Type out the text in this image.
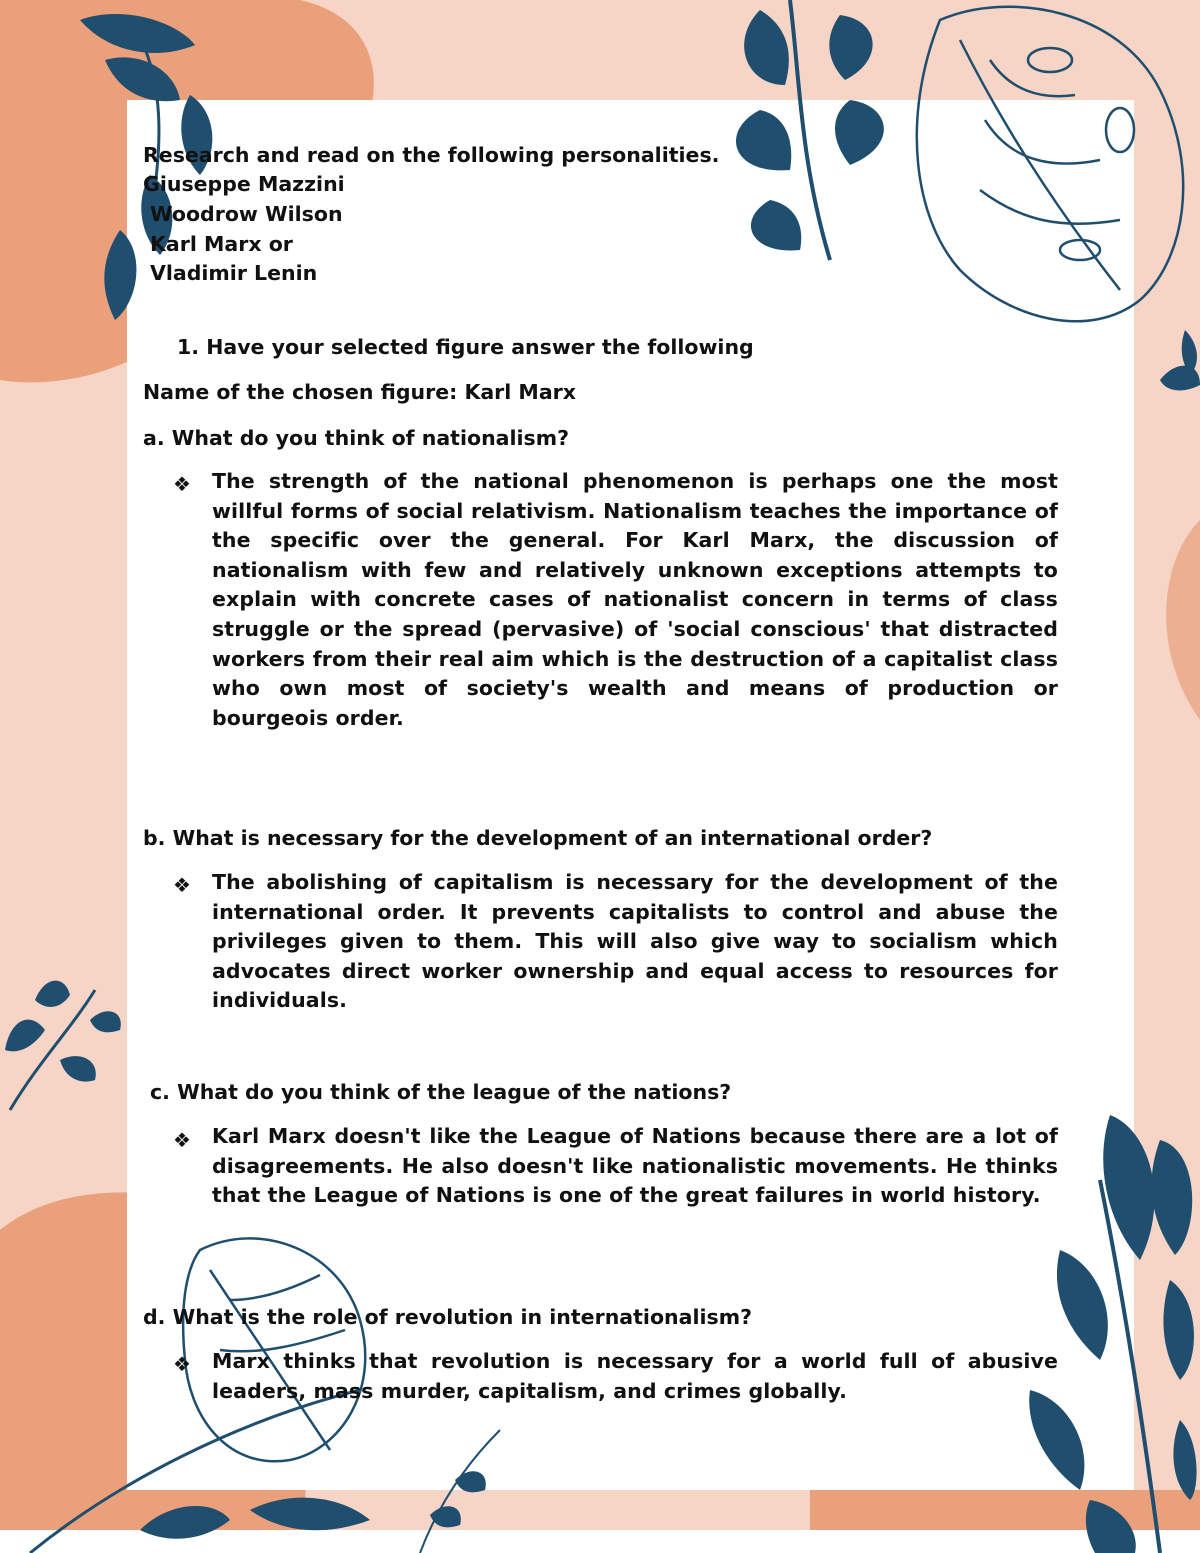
Research and read on the following personalities.
Giuseppe Mazzini
Woodrow Wilson
Karl Marx or
Vladimir Lenin
1. Have your selected figure answer the following
Name of the chosen figure: Karl Marx
a. What do you think of nationalism?
❖ The strength of the national phenomenon is perhaps one the most willful forms of social relativism. Nationalism teaches the importance of the specific over the general. For Karl Marx, the discussion of nationalism with few and relatively unknown exceptions attempts to explain with concrete cases of nationalist concern in terms of class struggle or the spread (pervasive) of 'social conscious' that distracted workers from their real aim which is the destruction of a capitalist class who own most of society's wealth and means of production or bourgeois order.
b. What is necessary for the development of an international order?
❖ The abolishing of capitalism is necessary for the development of the international order. It prevents capitalists to control and abuse the privileges given to them. This will also give way to socialism which advocates direct worker ownership and equal access to resources for individuals.
c. What do you think of the league of the nations?
❖ Karl Marx doesn't like the League of Nations because there are a lot of disagreements. He also doesn't like nationalistic movements. He thinks that the League of Nations is one of the great failures in world history.
d. What is the role of revolution in internationalism?
❖ Marx thinks that revolution is necessary for a world full of abusive leaders, mass murder, capitalism, and crimes globally.
